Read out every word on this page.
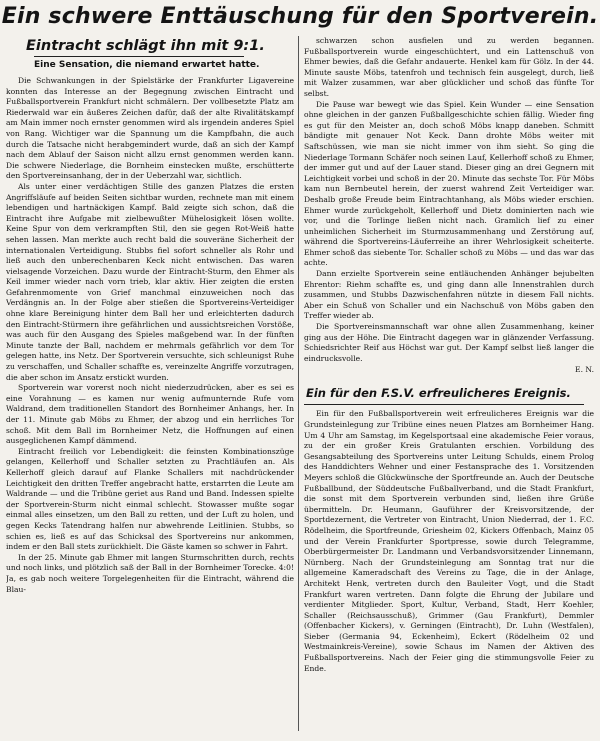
Ein schwere Enttäuschung für den Sportverein.
Eintracht schlägt ihn mit 9:1.
Eine Sensation, die niemand erwartet hatte.

Die Schwankungen in der Spielstärke der Frankfurter Ligavereine konnten das Interesse an der Begegnung zwischen Eintracht und Fußballsportverein Frankfurt nicht schmälern. Der vollbesetzte Platz am Riederwald war ein äußeres Zeichen dafür, daß der alte Rivalitätskampf am Main immer noch ernster genommen wird als irgendein anderes Spiel von Rang. Wichtiger war die Spannung um die Kampfbahn, die auch durch die Tatsache nicht herabgemindert wurde, daß an sich der Kampf nach dem Ablauf der Saison nicht allzu ernst genommen werden kann. Die schwere Niederlage, die Bornheim einstecken mußte, erschütterte den Sportvereinsanhang, der in der Ueberzahl war, sichtlich.

Als unter einer verdächtigen Stille des ganzen Platzes die ersten Angriffsläufe auf beiden Seiten sichtbar wurden, rechnete man mit einem lebendigen und hartnäckigen Kampf. Bald zeigte sich schon, daß die Eintracht ihre Aufgabe mit zielbewußter Mühelosigkeit lösen wollte. Keine Spur von dem verkrampften Stil, den sie gegen Rot-Weiß hatte sehen lassen. Man merkte auch recht bald die souveräne Sicherheit der internationalen Verteidigung. Stubbs fiel sofort schneller als Rohr und ließ auch den unberechenbaren Keck nicht entwischen. Das waren vielsagende Vorzeichen. Dazu wurde der Eintracht-Sturm, den Ehmer als Keil immer wieder nach vorn trieb, klar aktiv. Hier zeigten die ersten Gefahrenmomente von Grief manchmal einzuweichen noch das Verdängnis an. In der Folge aber stießen die Sportvereins-Verteidiger ohne klare Bereinigung hinter dem Ball her und erleichterten dadurch den Eintracht-Stürmern ihre gefährlichen und aussichtsreichen Vorstöße, was auch für den Ausgang des Spieles maßgebend war. In der fünften Minute tanzte der Ball, nachdem er mehrmals gefährlich vor dem Tor gelegen hatte, ins Netz. Der Sportverein versuchte, sich schleunigst Ruhe zu verschaffen, und Schaller schaffte es, vereinzelte Angriffe vorzutragen, die aber schon im Ansatz erstickt wurden.

Sportverein war vorerst noch nicht niederzudrücken, aber es sei es eine Vorahnung — es kamen nur wenig aufmunternde Rufe vom Waldrand, dem traditionellen Standort des Bornheimer Anhangs, her. In der 11. Minute gab Möbs zu Ehmer, der abzog und ein herrliches Tor schoß. Mit dem Ball im Bornheimer Netz, die Hoffnungen auf einen ausgeglichenen Kampf dämmend.

Eintracht freilich vor Lebendigkeit: die feinsten Kombinationszüge gelangen, Kellerhoff und Schaller setzten zu Prachtläufen an. Als Kellerhoff gleich darauf auf Flanke Schallers mit nachdrückender Leichtigkeit den dritten Treffer angebracht hatte, erstarrten die Leute am Waldrande — und die Tribüne geriet aus Rand und Band. Indessen spielte der Sportverein-Sturm nicht einmal schlecht. Stowasser mußte sogar einmal alles einsetzen, um den Ball zu retten, und der Luft zu holen, und gegen Kecks Tatendrang halfen nur abwehrende Leitlinien. Stubbs, so schien es, ließ es auf das Schicksal des Sportvereins nur ankommen, indem er den Ball stets zurückhielt. Die Gäste kamen so schwer in Fahrt.

In der 25. Minute gab Ehmer mit langen Sturmschritten durch, rechts und noch links, und plötzlich saß der Ball in der Bornheimer Torecke. 4:0! Ja, es gab noch weitere Torgelegenheiten für die Eintracht, während die Blau-

schwarzen schon ausfielen und zu werden begannen. Fußballsportverein wurde eingeschüchtert, und ein Lattenschuß von Ehmer bewies, daß die Gefahr andauerte. Henkel kam für Gölz. In der 44. Minute sauste Möbs, tatenfroh und technisch fein ausgelegt, durch, ließ mit Walzer zusammen, war aber glücklicher und schoß das fünfte Tor selbst.

Die Pause war bewegt wie das Spiel. Kein Wunder — eine Sensation ohne gleichen in der ganzen Fußballgeschichte schien fällig. Wieder fing es gut für den Meister an, doch schoß Möbs knapp daneben. Schmitt bändigte mit genauer Not Keck. Dann drohte Möbs weiter mit Saftschüssen, wie man sie nicht immer von ihm sieht. So ging die Niederlage Tormann Schäfer noch seinen Lauf, Kellerhoff schoß zu Ehmer, der immer gut und auf der Lauer stand. Dieser ging an drei Gegnern mit Leichtigkeit vorbei und schoß in der 20. Minute das sechste Tor. Für Möbs kam nun Bernbeutel herein, der zuerst wahrend Zeit Verteidiger war. Deshalb große Freude beim Eintrachtanhang, als Möbs wieder erschien. Ehmer wurde zurückgeholt, Kellerhoff und Dietz dominierten nach wie vor, und die Torlinge ließen nicht nach. Gramlich lief zu einer unheimlichen Sicherheit im Sturmzusammenhang und Zerstörung auf, während die Sportvereins-Läuferreihe an ihrer Wehrlosigkeit scheiterte. Ehmer schoß das siebente Tor. Schaller schoß zu Möbs — und das war das achte.

Dann erzielte Sportverein seine entläuchenden Anhänger bejubelten Ehrentor: Riehm schaffte es, und ging dann alle Innenstrahlen durch zusammen, und Stubbs Dazwischenfahren nützte in diesem Fall nichts. Aber ein Schuß von Schaller und ein Nachschuß von Möbs gaben den Treffer wieder ab.

Die Sportvereinsmannschaft war ohne allen Zusammenhang, keiner ging aus der Höhe. Die Eintracht dagegen war in glänzender Verfassung. Schiedsrichter Reif aus Höchst war gut. Der Kampf selbst ließ langer die eindrucksvolle.

E. N.
Ein für den F.S.V. erfreulicheres Ereignis.

Ein für den Fußballsportverein weit erfreulicheres Ereignis war die Grundsteinlegung zur Tribüne eines neuen Platzes am Bornheimer Hang. Um 4 Uhr am Samstag, im Kegelsportsaal eine akademische Feier voraus, zu der ein großer Kreis Gratulanten erschien. Vorbildung des Gesangsabteilung des Sportvereins unter Leitung Schulds, einem Prolog des Handdichters Wehner und einer Festansprache des 1. Vorsitzenden Meyers schloß die Glückwünsche der Sportfreunde an. Auch der Deutsche Fußballbund, der Süddeutsche Fußballverband, und die Stadt Frankfurt, die sonst mit dem Sportverein verbunden sind, ließen ihre Grüße übermitteln. Dr. Heumann, Gauführer der Kreisvorsitzende, der Sportdezernent, die Vertreter von Eintracht, Union Niederrad, der 1. F.C. Rödelheim, die Sportfreunde, Griesheim 02, Kickers Offenbach, Mainz 05 und der Verein Frankfurter Sportpresse, sowie durch Telegramme, Oberbürgermeister Dr. Landmann und Verbandsvorsitzender Linnemann, Nürnberg. Nach der Grundsteinlegung am Sonntag trat nur die allgemeine Kameradschaft des Vereins zu Tage, die in der Anlage, Architekt Henk, vertreten durch den Bauleiter Vogt, und die Stadt Frankfurt waren vertreten. Dann folgte die Ehrung der Jubilare und verdienter Mitglieder. Sport, Kultur, Verband, Stadt, Herr Koehler, Schaller (Reichsausschuß), Grimmer (Gau Frankfurt), Demmler (Offenbacher Kickers), v. Gerningen (Eintracht), Dr. Luhn (Westfalen), Sieber (Germania 94, Eckenheim), Eckert (Rödelheim 02 und Westmainkreis-Vereine), sowie Schaus im Namen der Aktiven des Fußballsportvereins. Nach der Feier ging die stimmungsvolle Feier zu Ende.
